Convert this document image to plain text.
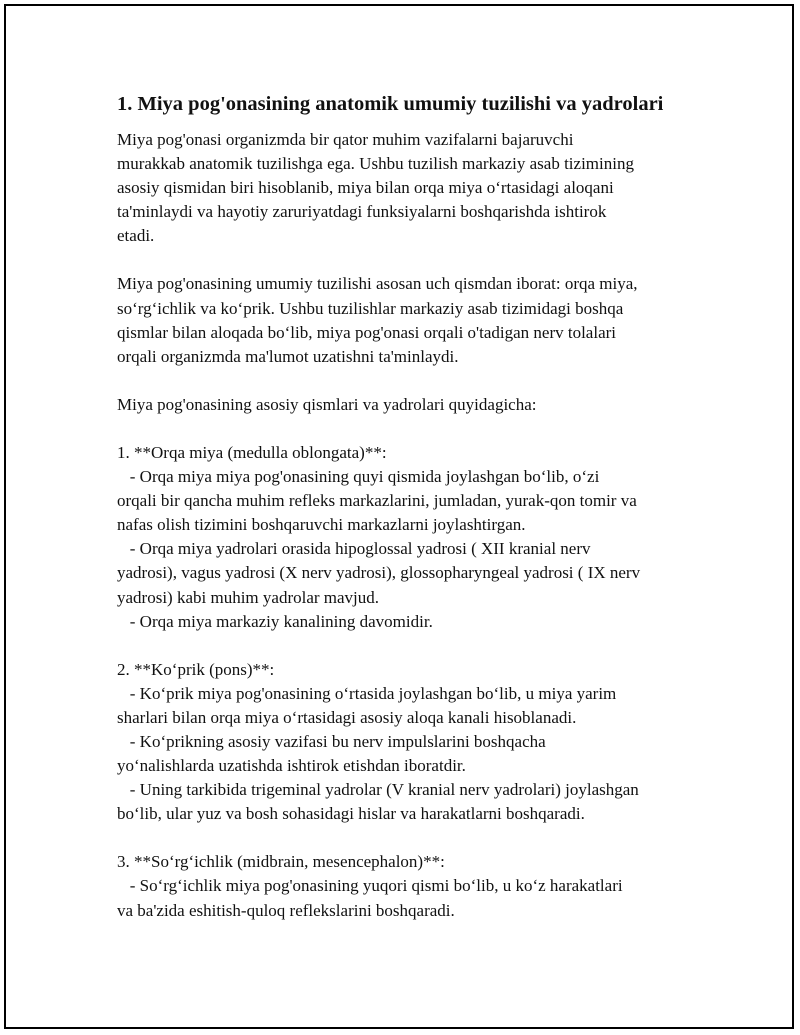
1. Miya pog'onasining anatomik umumiy tuzilishi va yadrolari

Miya pog'onasi organizmda bir qator muhim vazifalarni bajaruvchi
murakkab anatomik tuzilishga ega. Ushbu tuzilish markaziy asab tizimining
asosiy qismidan biri hisoblanib, miya bilan orqa miya o‘rtasidagi aloqani
ta'minlaydi va hayotiy zaruriyatdagi funksiyalarni boshqarishda ishtirok
etadi.

Miya pog'onasining umumiy tuzilishi asosan uch qismdan iborat: orqa miya,
so‘rg‘ichlik va ko‘prik. Ushbu tuzilishlar markaziy asab tizimidagi boshqa
qismlar bilan aloqada bo‘lib, miya pog'onasi orqali o'tadigan nerv tolalari
orqali organizmda ma'lumot uzatishni ta'minlaydi.

Miya pog'onasining asosiy qismlari va yadrolari quyidagicha:

1. **Orqa miya (medulla oblongata)**:
- Orqa miya miya pog'onasining quyi qismida joylashgan bo‘lib, o‘zi
orqali bir qancha muhim refleks markazlarini, jumladan, yurak-qon tomir va
nafas olish tizimini boshqaruvchi markazlarni joylashtirgan.
- Orqa miya yadrolari orasida hipoglossal yadrosi ( XII kranial nerv
yadrosi), vagus yadrosi (X nerv yadrosi), glossopharyngeal yadrosi ( IX nerv
yadrosi) kabi muhim yadrolar mavjud.
- Orqa miya markaziy kanalining davomidir.

2. **Ko‘prik (pons)**:
- Ko‘prik miya pog'onasining o‘rtasida joylashgan bo‘lib, u miya yarim
sharlari bilan orqa miya o‘rtasidagi asosiy aloqa kanali hisoblanadi.
- Ko‘prikning asosiy vazifasi bu nerv impulslarini boshqacha
yo‘nalishlarda uzatishda ishtirok etishdan iboratdir.
- Uning tarkibida trigeminal yadrolar (V kranial nerv yadrolari) joylashgan
bo‘lib, ular yuz va bosh sohasidagi hislar va harakatlarni boshqaradi.

3. **So‘rg‘ichlik (midbrain, mesencephalon)**:
- So‘rg‘ichlik miya pog'onasining yuqori qismi bo‘lib, u ko‘z harakatlari
va ba'zida eshitish-quloq reflekslarini boshqaradi.
